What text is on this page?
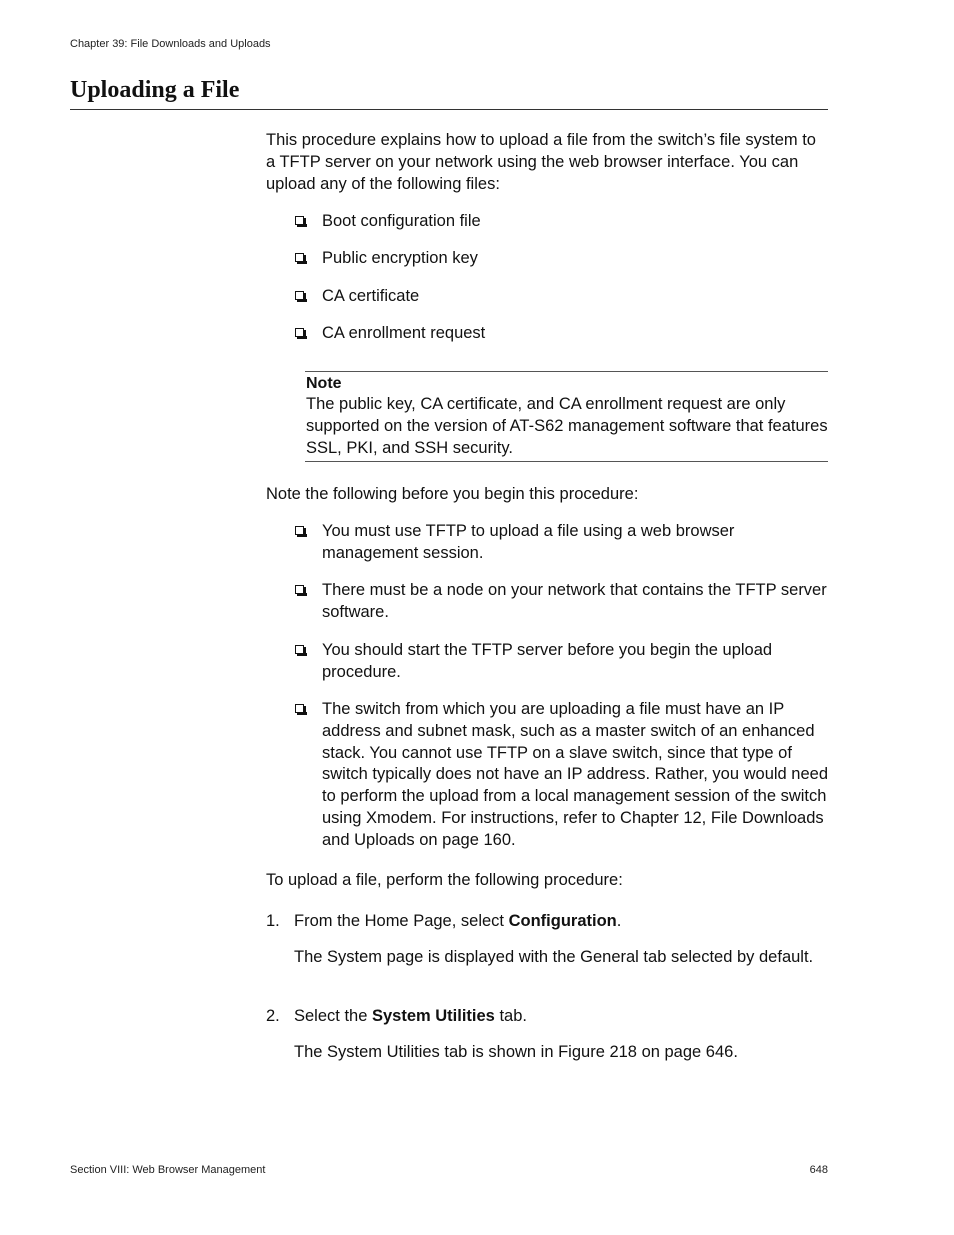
Chapter 39: File Downloads and Uploads
Uploading a File

This procedure explains how to upload a file from the switch’s file system to a TFTP server on your network using the web browser interface. You can upload any of the following files:

Boot configuration file
Public encryption key
CA certificate
CA enrollment request

Note

The public key, CA certificate, and CA enrollment request are only supported on the version of AT-S62 management software that features SSL, PKI, and SSH security.

Note the following before you begin this procedure:

You must use TFTP to upload a file using a web browser management session.
There must be a node on your network that contains the TFTP server software.
You should start the TFTP server before you begin the upload procedure.
The switch from which you are uploading a file must have an IP address and subnet mask, such as a master switch of an enhanced stack. You cannot use TFTP on a slave switch, since that type of switch typically does not have an IP address. Rather, you would need to perform the upload from a local management session of the switch using Xmodem. For instructions, refer to Chapter 12, File Downloads and Uploads on page 160.

To upload a file, perform the following procedure:

1. From the Home Page, select Configuration.

The System page is displayed with the General tab selected by default.

2. Select the System Utilities tab.

The System Utilities tab is shown in Figure 218 on page 646.

Section VIII: Web Browser Management	648
